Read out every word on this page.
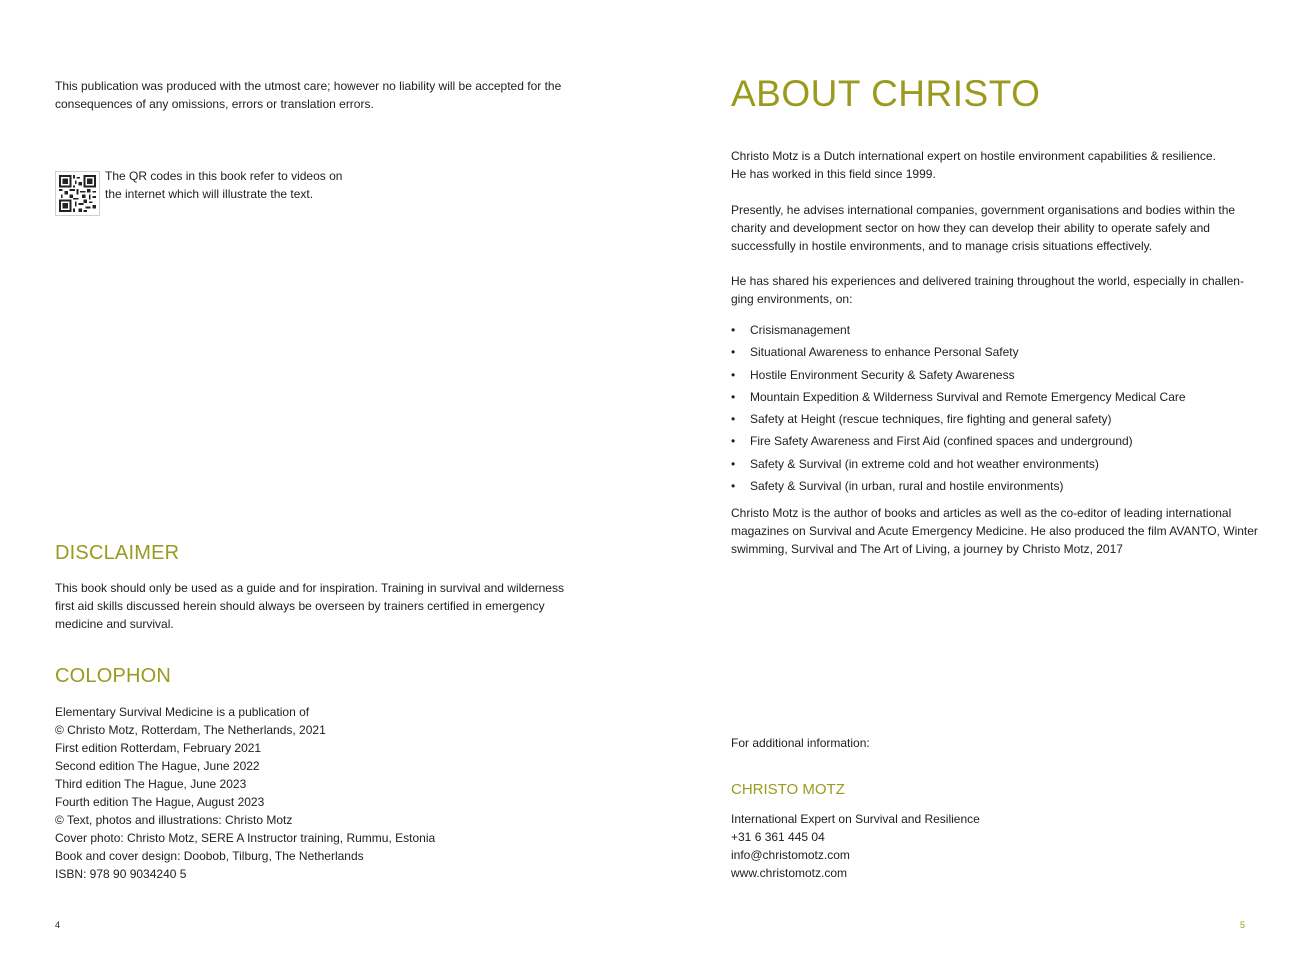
This publication was produced with the utmost care; however no liability will be accepted for the
consequences of any omissions, errors or translation errors.
The QR codes in this book refer to videos on
the internet which will illustrate the text.
DISCLAIMER
This book should only be used as a guide and for inspiration. Training in survival and wilderness
first aid skills discussed herein should always be overseen by trainers certified in emergency
medicine and survival.
COLOPHON
Elementary Survival Medicine is a publication of
© Christo Motz, Rotterdam, The Netherlands, 2021
First edition Rotterdam, February 2021
Second edition The Hague, June 2022
Third edition The Hague, June 2023
Fourth edition The Hague, August 2023
© Text, photos and illustrations: Christo Motz
Cover photo: Christo Motz, SERE A Instructor training, Rummu, Estonia
Book and cover design: Doobob, Tilburg, The Netherlands
ISBN: 978 90 9034240 5
4
ABOUT CHRISTO
Christo Motz is a Dutch international expert on hostile environment capabilities & resilience.
He has worked in this field since 1999.
Presently, he advises international companies, government organisations and bodies within the
charity and development sector on how they can develop their ability to operate safely and
successfully in hostile environments, and to manage crisis situations effectively.
He has shared his experiences and delivered training throughout the world, especially in challen-
ging environments, on:
• Crisismanagement
• Situational Awareness to enhance Personal Safety
• Hostile Environment Security & Safety Awareness
• Mountain Expedition & Wilderness Survival and Remote Emergency Medical Care
• Safety at Height (rescue techniques, fire fighting and general safety)
• Fire Safety Awareness and First Aid (confined spaces and underground)
• Safety & Survival (in extreme cold and hot weather environments)
• Safety & Survival (in urban, rural and hostile environments)
Christo Motz is the author of books and articles as well as the co-editor of leading international
magazines on Survival and Acute Emergency Medicine. He also produced the film AVANTO, Winter
swimming, Survival and The Art of Living, a journey by Christo Motz, 2017
For additional information:
CHRISTO MOTZ
International Expert on Survival and Resilience
+31 6 361 445 04
info@christomotz.com
www.christomotz.com
5
